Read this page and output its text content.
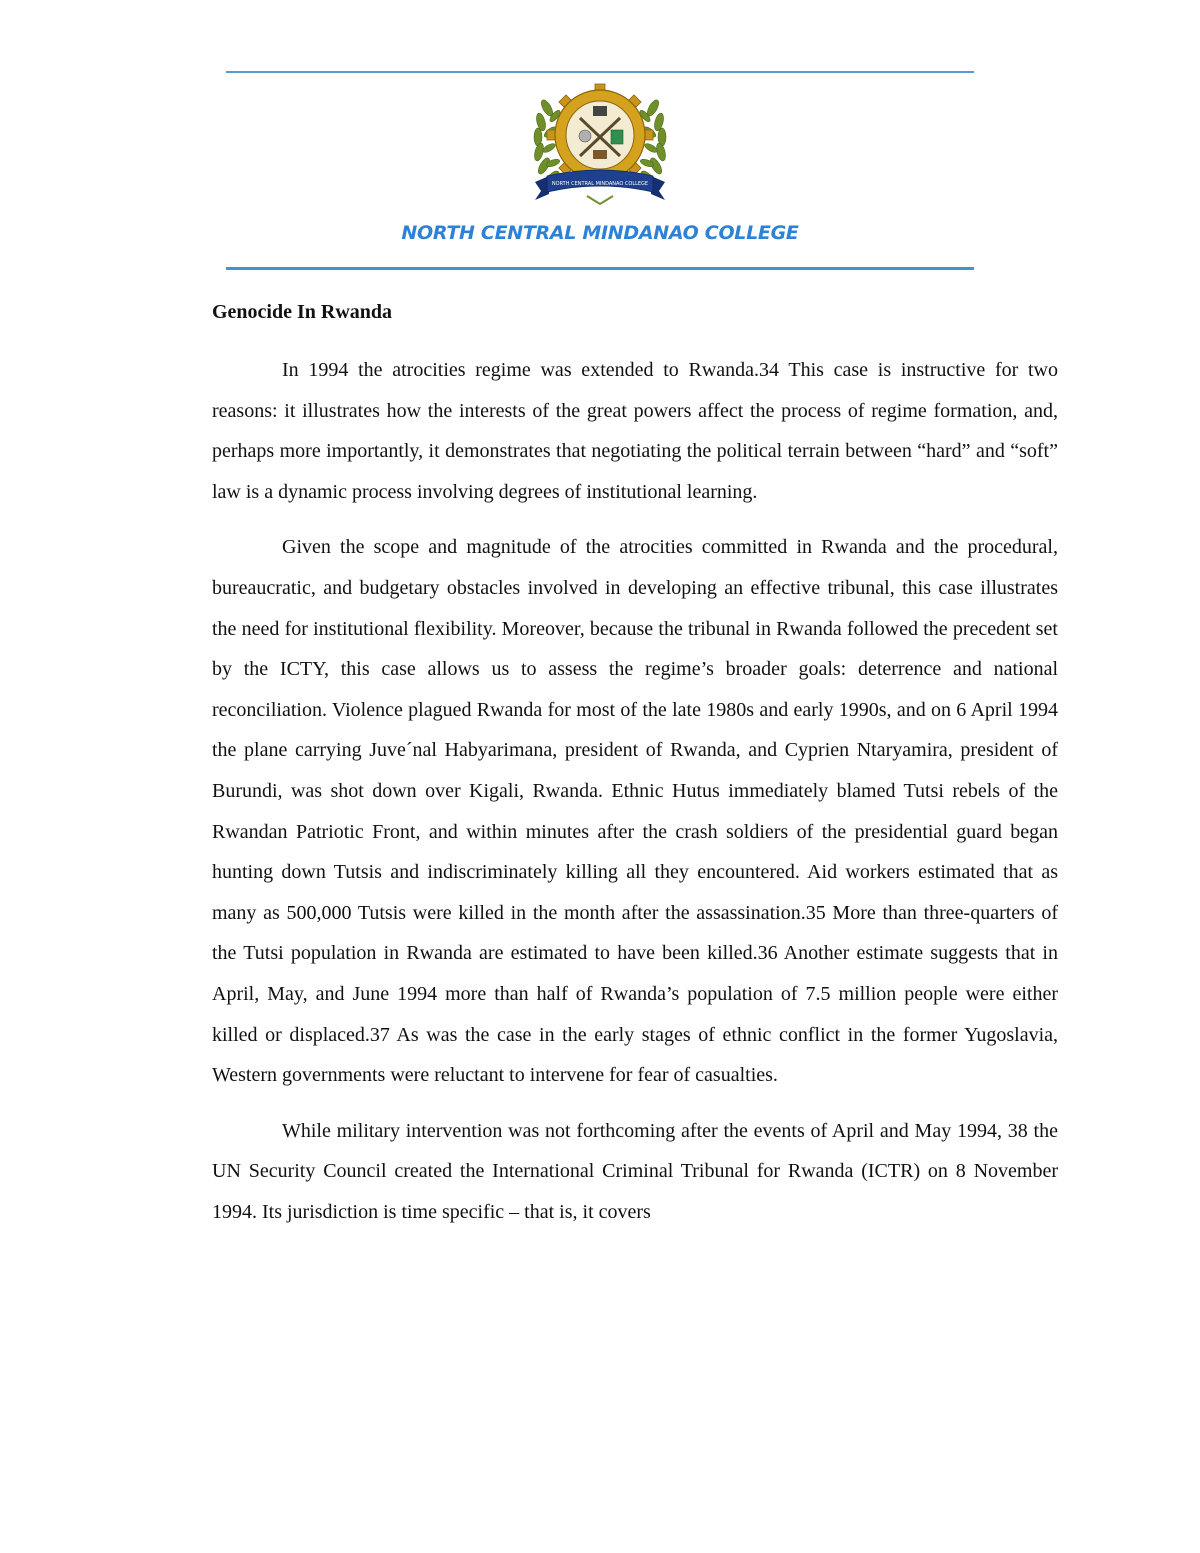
NORTH CENTRAL MINDANAO COLLEGE
NORTH CENTRAL MINDANAO COLLEGE
Genocide In Rwanda

In 1994 the atrocities regime was extended to Rwanda.34 This case is instructive for two reasons: it illustrates how the interests of the great powers affect the process of regime formation, and, perhaps more importantly, it demonstrates that negotiating the political terrain between “hard” and “soft” law is a dynamic process involving degrees of institutional learning.

Given the scope and magnitude of the atrocities committed in Rwanda and the procedural, bureaucratic, and budgetary obstacles involved in developing an effective tribunal, this case illustrates the need for institutional flexibility. Moreover, because the tribunal in Rwanda followed the precedent set by the ICTY, this case allows us to assess the regime’s broader goals: deterrence and national reconciliation. Violence plagued Rwanda for most of the late 1980s and early 1990s, and on 6 April 1994 the plane carrying Juve´nal Habyarimana, president of Rwanda, and Cyprien Ntaryamira, president of Burundi, was shot down over Kigali, Rwanda. Ethnic Hutus immediately blamed Tutsi rebels of the Rwandan Patriotic Front, and within minutes after the crash soldiers of the presidential guard began hunting down Tutsis and indiscriminately killing all they encountered. Aid workers estimated that as many as 500,000 Tutsis were killed in the month after the assassination.35 More than three-quarters of the Tutsi population in Rwanda are estimated to have been killed.36 Another estimate suggests that in April, May, and June 1994 more than half of Rwanda’s population of 7.5 million people were either killed or displaced.37 As was the case in the early stages of ethnic conflict in the former Yugoslavia, Western governments were reluctant to intervene for fear of casualties.

While military intervention was not forthcoming after the events of April and May 1994, 38 the UN Security Council created the International Criminal Tribunal for Rwanda (ICTR) on 8 November 1994. Its jurisdiction is time specific – that is, it covers
